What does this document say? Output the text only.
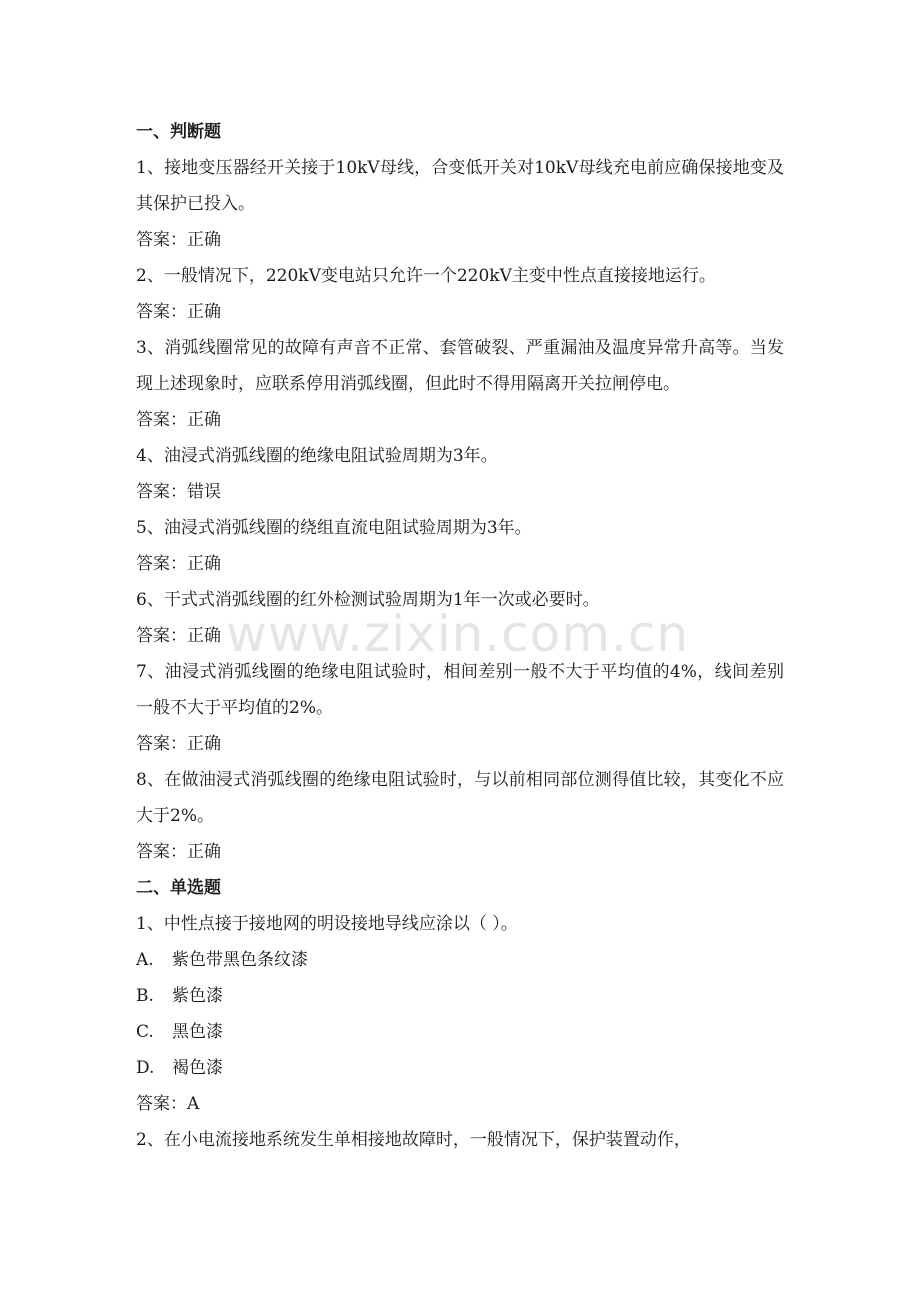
一、判断题
1、接地变压器经开关接于10kV母线，合变低开关对10kV母线充电前应确保接地变及其保护已投入。
答案：正确
2、一般情况下，220kV变电站只允许一个220kV主变中性点直接接地运行。
答案：正确
3、消弧线圈常见的故障有声音不正常、套管破裂、严重漏油及温度异常升高等。当发现上述现象时，应联系停用消弧线圈，但此时不得用隔离开关拉闸停电。
答案：正确
4、油浸式消弧线圈的绝缘电阻试验周期为3年。
答案：错误
5、油浸式消弧线圈的绕组直流电阻试验周期为3年。
答案：正确
6、干式式消弧线圈的红外检测试验周期为1年一次或必要时。
答案：正确
7、油浸式消弧线圈的绝缘电阻试验时，相间差别一般不大于平均值的4%，线间差别一般不大于平均值的2%。
答案：正确
8、在做油浸式消弧线圈的绝缘电阻试验时，与以前相同部位测得值比较，其变化不应大于2%。
答案：正确
二、单选题
1、中性点接于接地网的明设接地导线应涂以（ ）。
A. 紫色带黑色条纹漆
B. 紫色漆
C. 黑色漆
D. 褐色漆
答案：A
2、在小电流接地系统发生单相接地故障时，一般情况下，保护装置动作，
www.zixin.com.cn
